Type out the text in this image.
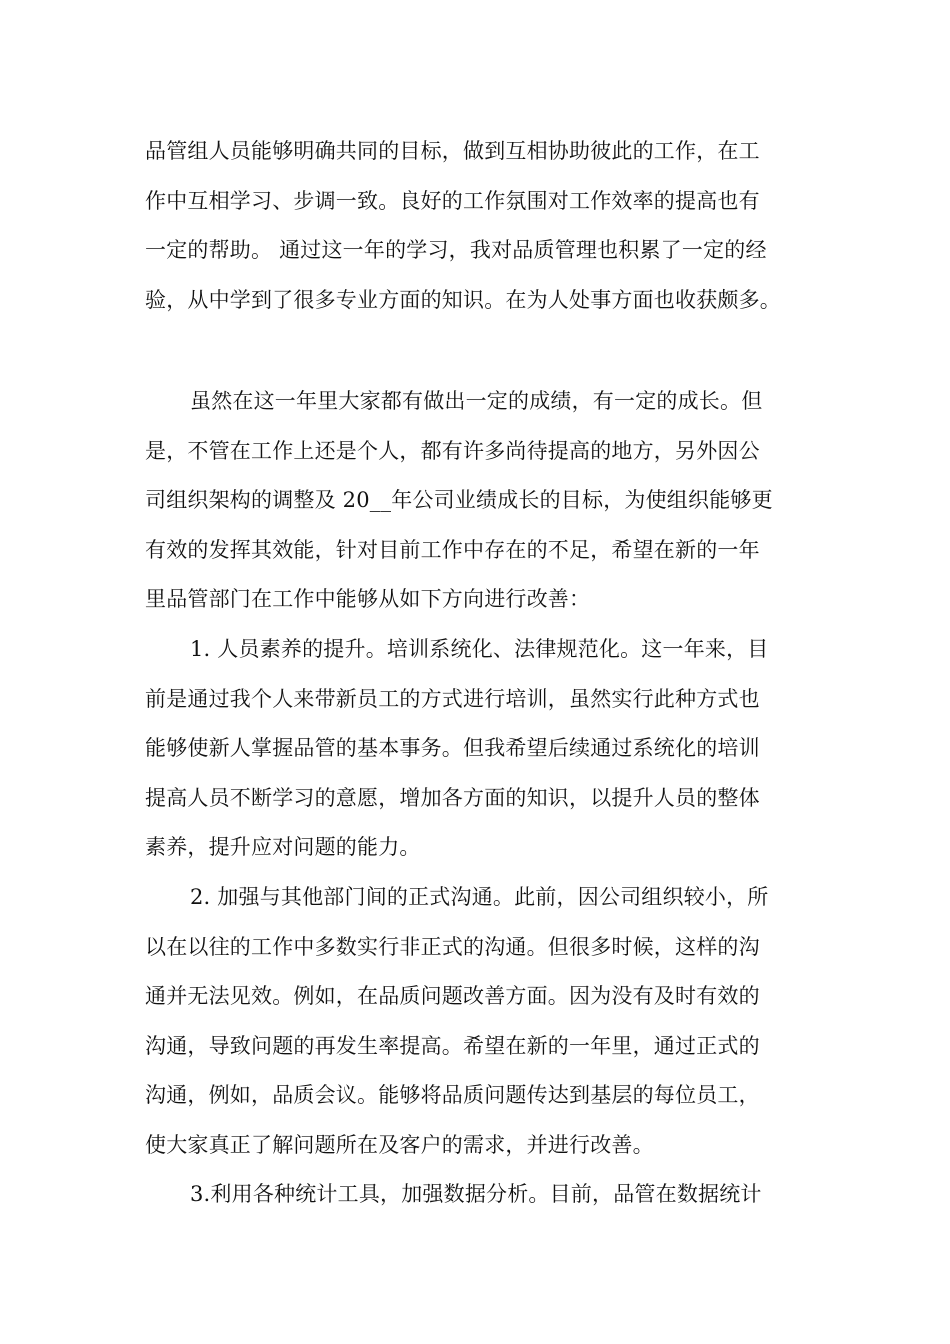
品管组人员能够明确共同的目标，做到互相协助彼此的工作，在工
作中互相学习、步调一致。良好的工作氛围对工作效率的提高也有
一定的帮助。 通过这一年的学习，我对品质管理也积累了一定的经
验，从中学到了很多专业方面的知识。在为人处事方面也收获颇多。
虽然在这一年里大家都有做出一定的成绩，有一定的成长。但
是，不管在工作上还是个人，都有许多尚待提高的地方，另外因公
司组织架构的调整及 20__年公司业绩成长的目标，为使组织能够更
有效的发挥其效能，针对目前工作中存在的不足，希望在新的一年
里品管部门在工作中能够从如下方向进行改善：
1. 人员素养的提升。培训系统化、法律规范化。这一年来，目
前是通过我个人来带新员工的方式进行培训，虽然实行此种方式也
能够使新人掌握品管的基本事务。但我希望后续通过系统化的培训
提高人员不断学习的意愿，增加各方面的知识，以提升人员的整体
素养，提升应对问题的能力。
2. 加强与其他部门间的正式沟通。此前，因公司组织较小，所
以在以往的工作中多数实行非正式的沟通。但很多时候，这样的沟
通并无法见效。例如，在品质问题改善方面。因为没有及时有效的
沟通，导致问题的再发生率提高。希望在新的一年里，通过正式的
沟通，例如，品质会议。能够将品质问题传达到基层的每位员工，
使大家真正了解问题所在及客户的需求，并进行改善。
3.利用各种统计工具，加强数据分析。目前，品管在数据统计
